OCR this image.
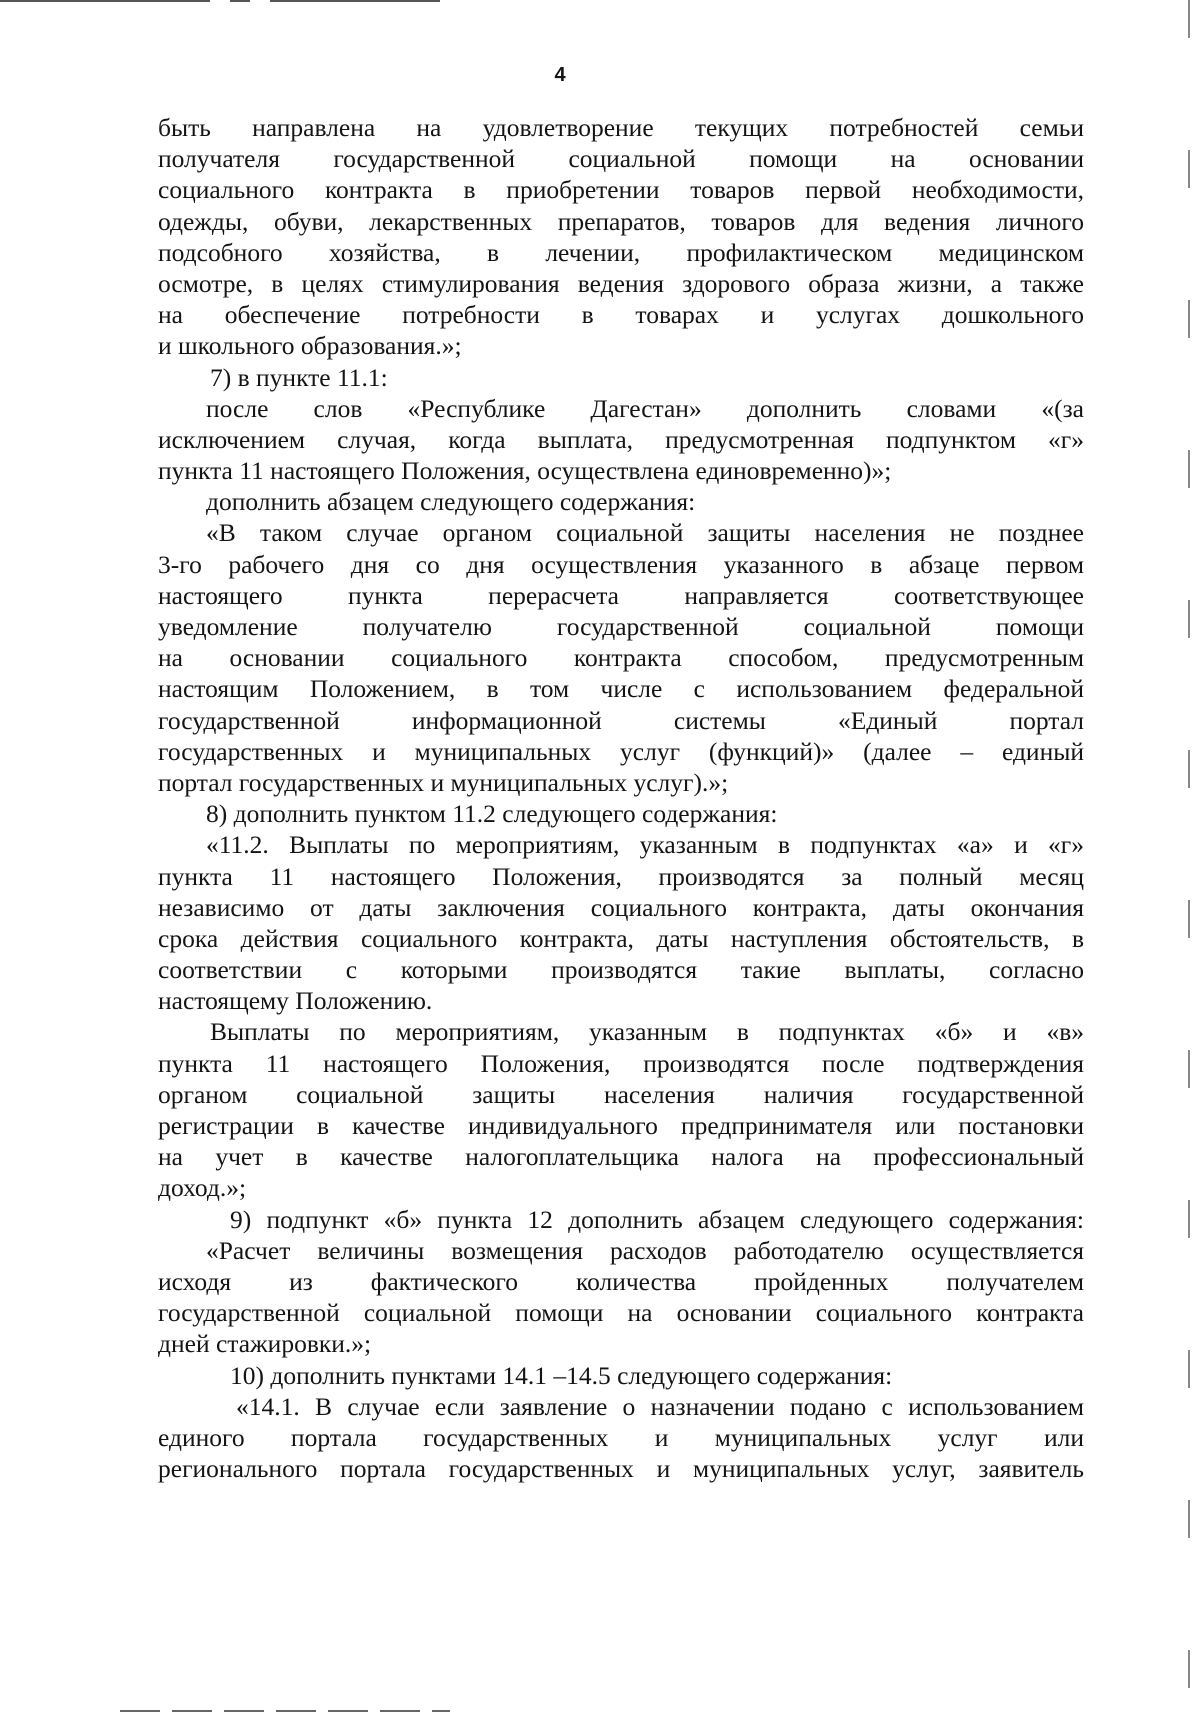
4
быть направлена на удовлетворение текущих потребностей семьи
получателя государственной социальной помощи на основании
социального контракта в приобретении товаров первой необходимости,
одежды, обуви, лекарственных препаратов, товаров для ведения личного
подсобного хозяйства, в лечении, профилактическом медицинском
осмотре, в целях стимулирования ведения здорового образа жизни, а также
на обеспечение потребности в товарах и услугах дошкольного
и школьного образования.»;
7) в пункте 11.1:
после слов «Республике Дагестан» дополнить словами «(за
исключением случая, когда выплата, предусмотренная подпунктом «г»
пункта 11 настоящего Положения, осуществлена единовременно)»;
дополнить абзацем следующего содержания:
«В таком случае органом социальной защиты населения не позднее
3-го рабочего дня со дня осуществления указанного в абзаце первом
настоящего пункта перерасчета направляется соответствующее
уведомление получателю государственной социальной помощи
на основании социального контракта способом, предусмотренным
настоящим Положением, в том числе с использованием федеральной
государственной информационной системы «Единый портал
государственных и муниципальных услуг (функций)» (далее – единый
портал государственных и муниципальных услуг).»;
8) дополнить пунктом 11.2 следующего содержания:
«11.2. Выплаты по мероприятиям, указанным в подпунктах «а» и «г»
пункта 11 настоящего Положения, производятся за полный месяц
независимо от даты заключения социального контракта, даты окончания
срока действия социального контракта, даты наступления обстоятельств, в
соответствии с которыми производятся такие выплаты, согласно
настоящему Положению.
Выплаты по мероприятиям, указанным в подпунктах «б» и «в»
пункта 11 настоящего Положения, производятся после подтверждения
органом социальной защиты населения наличия государственной
регистрации в качестве индивидуального предпринимателя или постановки
на учет в качестве налогоплательщика налога на профессиональный
доход.»;
9) подпункт «б» пункта 12 дополнить абзацем следующего содержания:
«Расчет величины возмещения расходов работодателю осуществляется
исходя из фактического количества пройденных получателем
государственной социальной помощи на основании социального контракта
дней стажировки.»;
10) дополнить пунктами 14.1 –14.5 следующего содержания:
«14.1. В случае если заявление о назначении подано с использованием
единого портала государственных и муниципальных услуг или
регионального портала государственных и муниципальных услуг, заявитель
